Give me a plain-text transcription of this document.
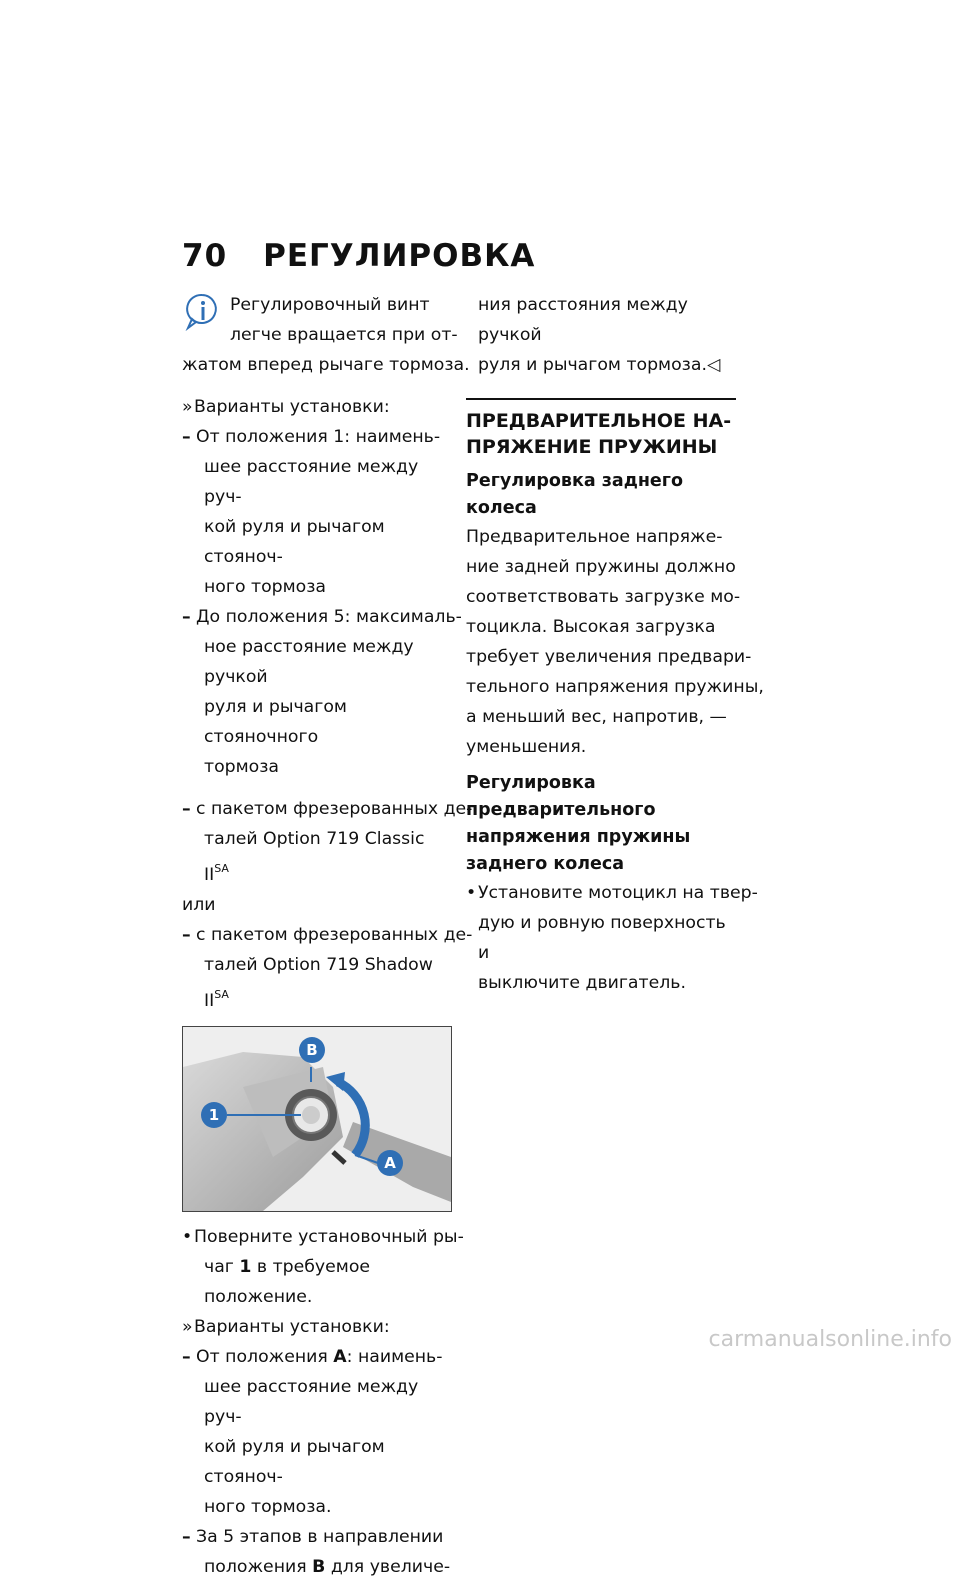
70 РЕГУЛИРОВКА
Регулировочный винт
легче вращается при от-
жатом вперед рычаге тормоза.
»Варианты установки:
– От положения 1: наимень-
шее расстояние между руч-
кой руля и рычагом стояноч-
ного тормоза
– До положения 5: максималь-
ное расстояние между ручкой
руля и рычагом стояночного
тормоза
– с пакетом фрезерованных де-
талей Option 719 Classic $II^{SA}$
или
– с пакетом фрезерованных де-
талей Option 719 Shadow $II^{SA}$
B
1
A
• Поверните установочный ры-
чаг 1 в требуемое положение.
»Варианты установки:
– От положения A: наимень-
шее расстояние между руч-
кой руля и рычагом стояноч-
ного тормоза.
– За 5 этапов в направлении
положения B для увеличе-
ния расстояния между ручкой
руля и рычагом тормоза.◁
ПРЕДВАРИТЕЛЬНОЕ НА-
ПРЯЖЕНИЕ ПРУЖИНЫ
Регулировка заднего
колеса
Предварительное напряже-
ние задней пружины должно
соответствовать загрузке мо-
тоцикла. Высокая загрузка
требует увеличения предвари-
тельного напряжения пружины,
а меньший вес, напротив, —
уменьшения.
Регулировка
предварительного
напряжения пружины
заднего колеса
• Установите мотоцикл на твер-
дую и ровную поверхность и
выключите двигатель.
carmanualsonline.info
